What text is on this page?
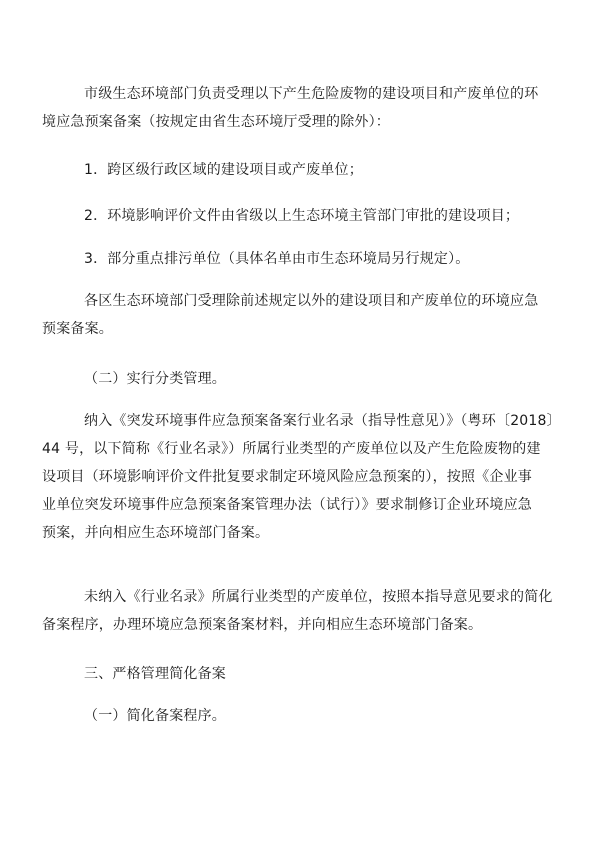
市级生态环境部门负责受理以下产生危险废物的建设项目和产废单位的环
境应急预案备案（按规定由省生态环境厅受理的除外）：
1．跨区级行政区域的建设项目或产废单位；
2．环境影响评价文件由省级以上生态环境主管部门审批的建设项目；
3．部分重点排污单位（具体名单由市生态环境局另行规定）。
各区生态环境部门受理除前述规定以外的建设项目和产废单位的环境应急
预案备案。
（二）实行分类管理。
纳入《突发环境事件应急预案备案行业名录（指导性意见）》（粤环〔2018〕
44 号，以下简称《行业名录》）所属行业类型的产废单位以及产生危险废物的建
设项目（环境影响评价文件批复要求制定环境风险应急预案的），按照《企业事
业单位突发环境事件应急预案备案管理办法（试行）》要求制修订企业环境应急
预案，并向相应生态环境部门备案。
未纳入《行业名录》所属行业类型的产废单位，按照本指导意见要求的简化
备案程序，办理环境应急预案备案材料，并向相应生态环境部门备案。
三、严格管理简化备案
（一）简化备案程序。
